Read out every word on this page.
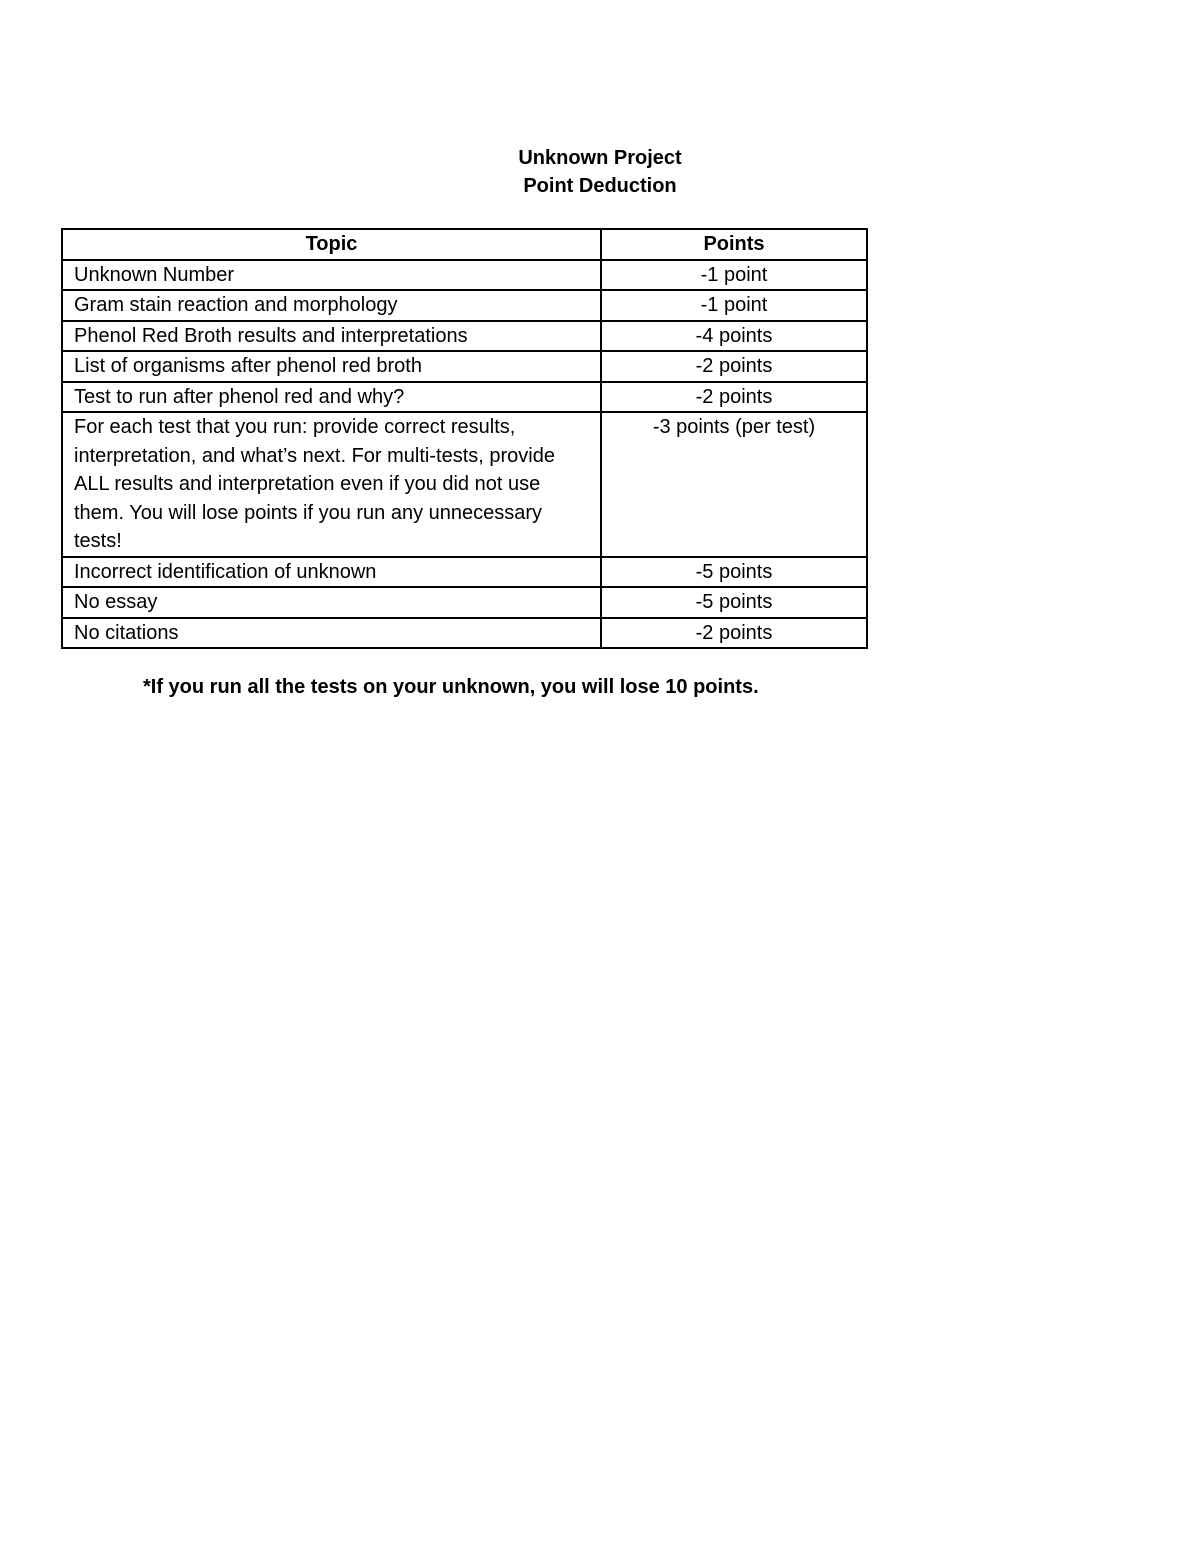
Unknown Project
Point Deduction
Topic	Points
Unknown Number	-1 point
Gram stain reaction and morphology	-1 point
Phenol Red Broth results and interpretations	-4 points
List of organisms after phenol red broth	-2 points
Test to run after phenol red and why?	-2 points
For each test that you run: provide correct results, interpretation, and what’s next. For multi-tests, provide ALL results and interpretation even if you did not use them. You will lose points if you run any unnecessary tests!	-3 points (per test)
Incorrect identification of unknown	-5 points
No essay	-5 points
No citations	-2 points
*If you run all the tests on your unknown, you will lose 10 points.
